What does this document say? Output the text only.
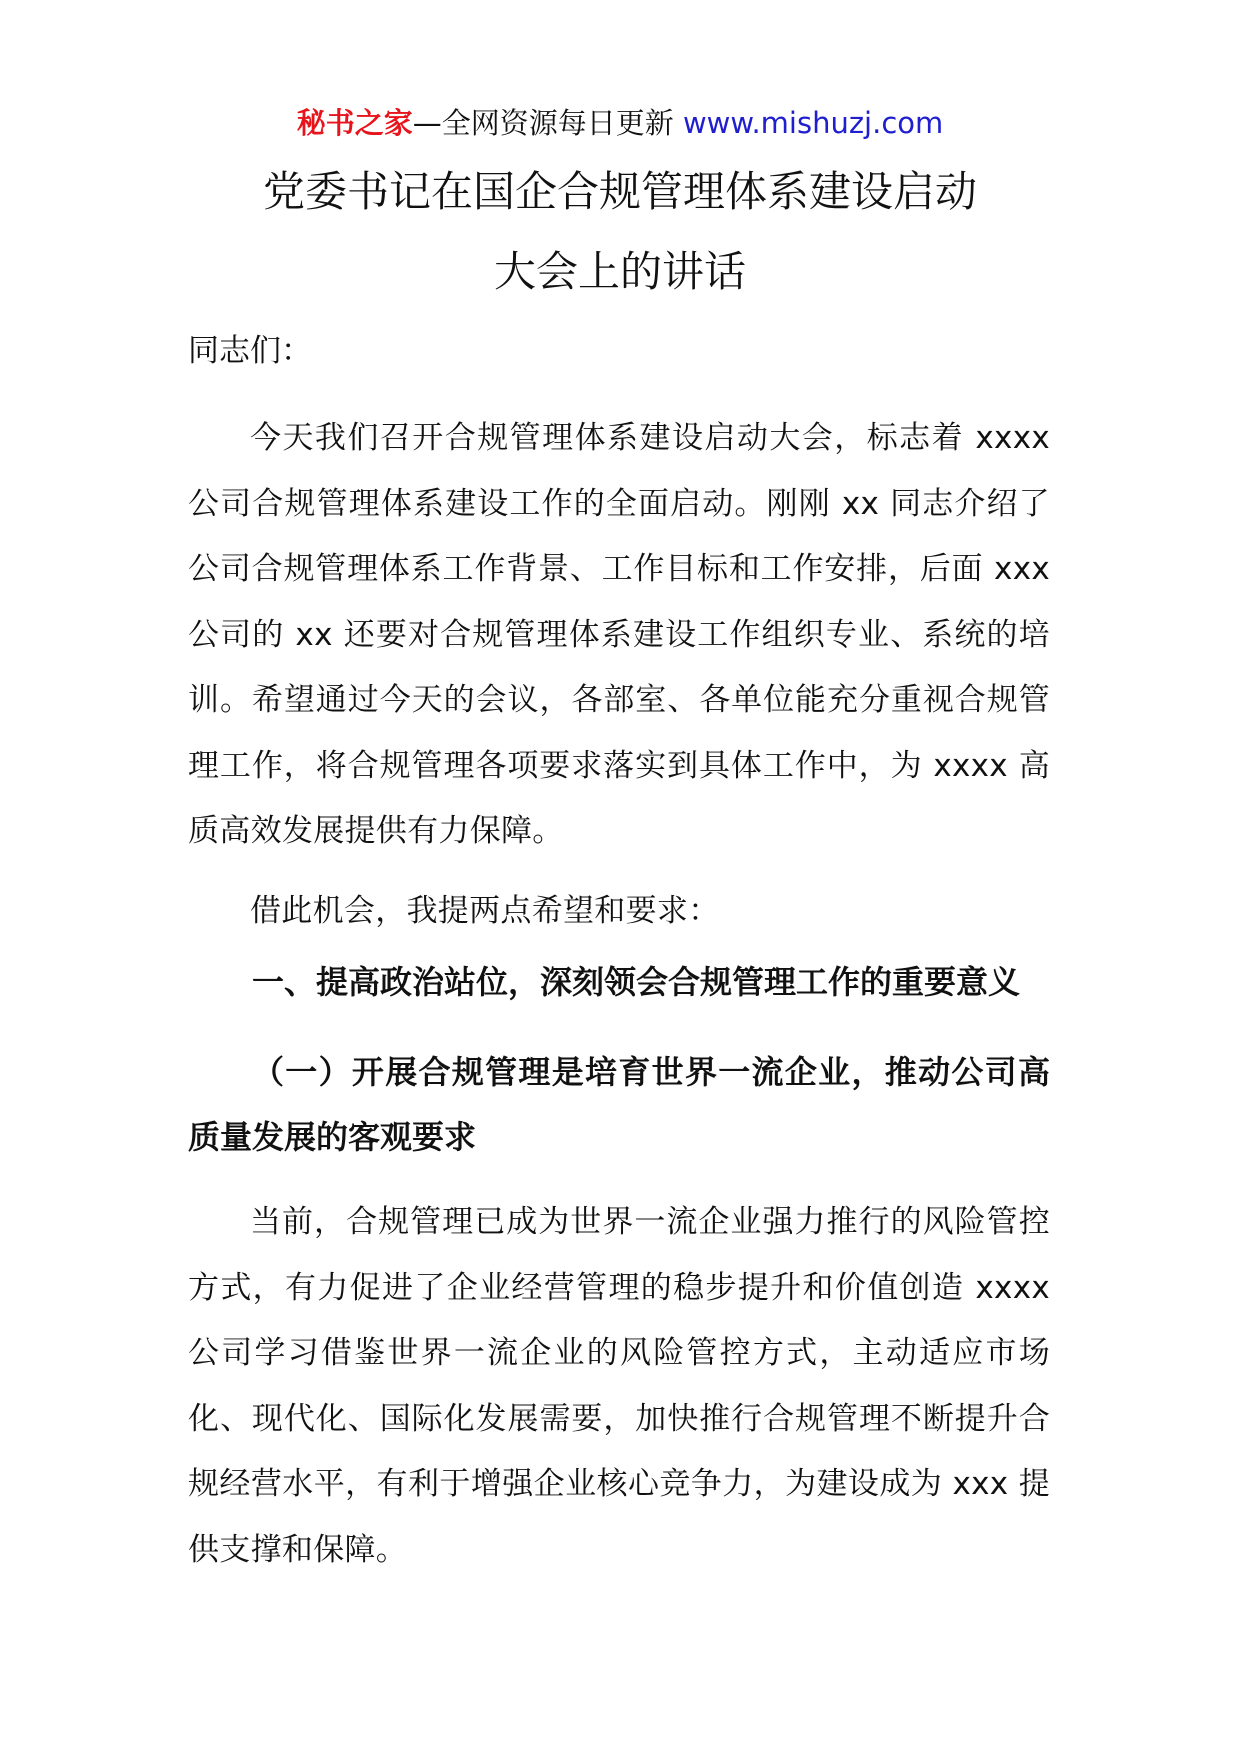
秘书之家—全网资源每日更新 www.mishuzj.com
党委书记在国企合规管理体系建设启动
大会上的讲话
同志们：

今天我们召开合规管理体系建设启动大会，标志着 xxxx 公司合规管理体系建设工作的全面启动。刚刚 xx 同志介绍了公司合规管理体系工作背景、工作目标和工作安排，后面 xxx 公司的 xx 还要对合规管理体系建设工作组织专业、系统的培训。希望通过今天的会议，各部室、各单位能充分重视合规管理工作，将合规管理各项要求落实到具体工作中，为 xxxx 高质高效发展提供有力保障。

借此机会，我提两点希望和要求：

一、提高政治站位，深刻领会合规管理工作的重要意义

（一）开展合规管理是培育世界一流企业，推动公司高质量发展的客观要求

当前，合规管理已成为世界一流企业强力推行的风险管控方式，有力促进了企业经营管理的稳步提升和价值创造 xxxx 公司学习借鉴世界一流企业的风险管控方式，主动适应市场化、现代化、国际化发展需要，加快推行合规管理不断提升合规经营水平，有利于增强企业核心竞争力，为建设成为 xxx 提供支撑和保障。
